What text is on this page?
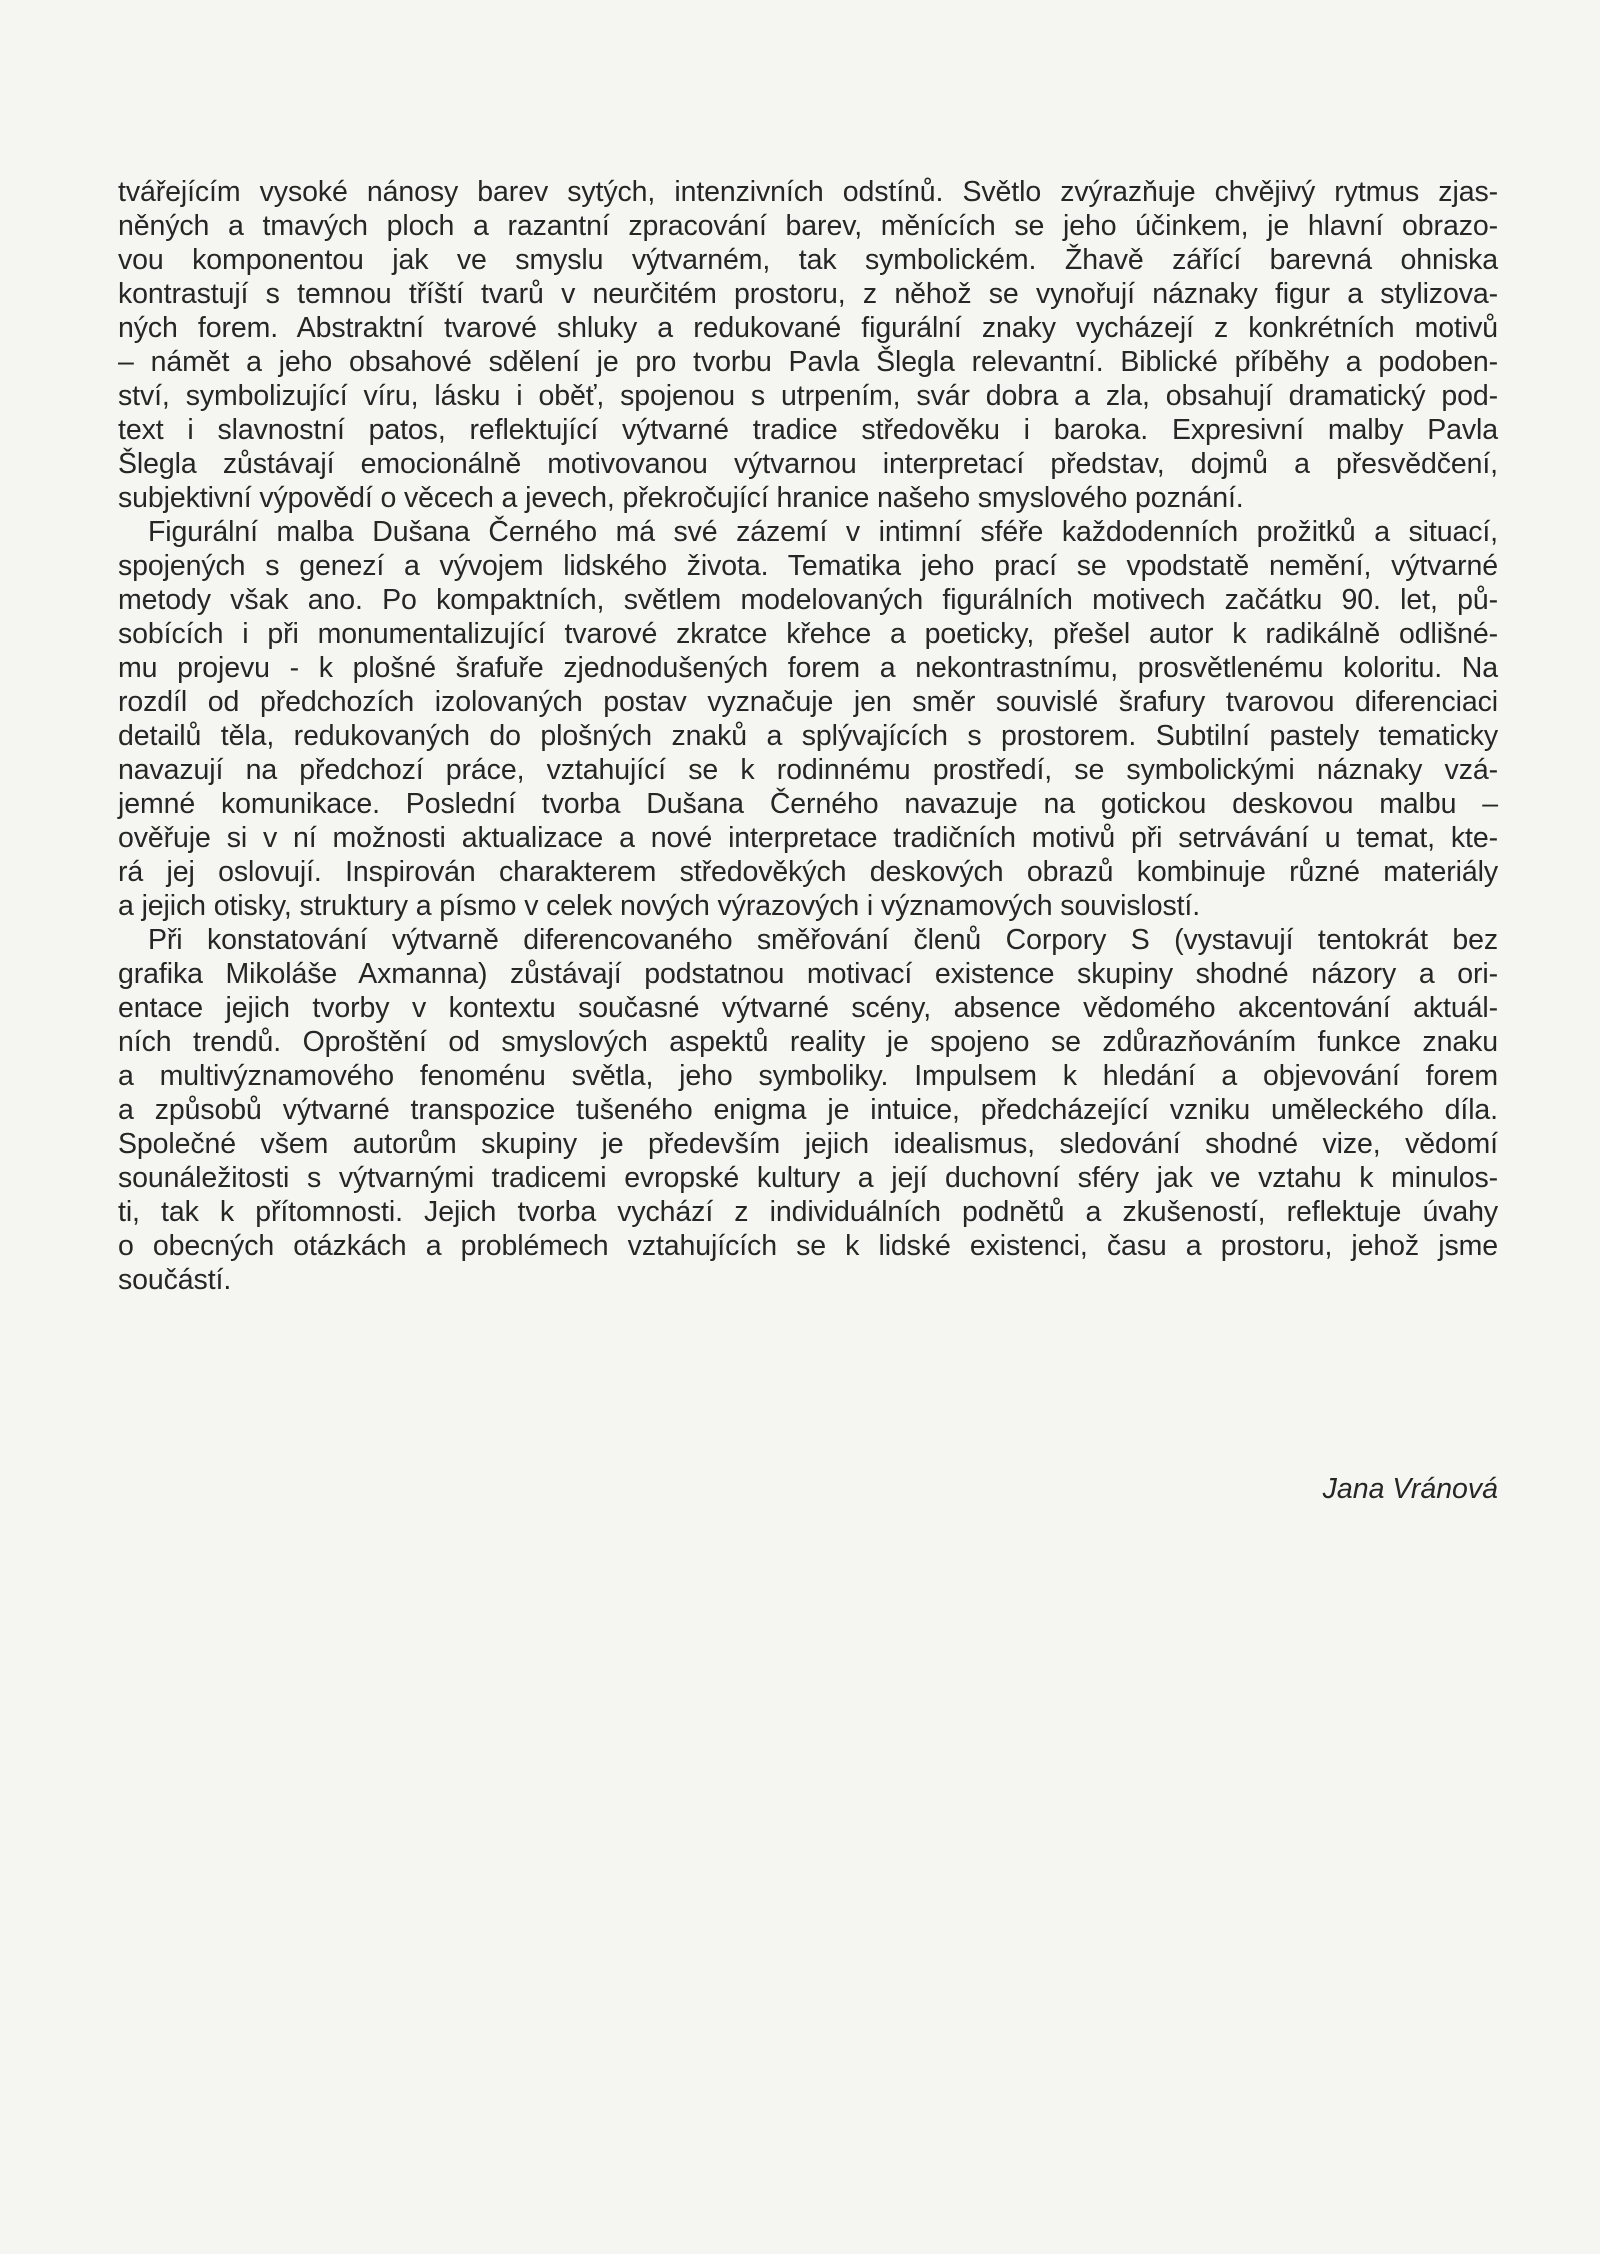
tvářejícím vysoké nánosy barev sytých, intenzivních odstínů. Světlo zvýrazňuje chvějivý rytmus zjas-
něných a tmavých ploch a razantní zpracování barev, měnících se jeho účinkem, je hlavní obrazo-
vou komponentou jak ve smyslu výtvarném, tak symbolickém. Žhavě zářící barevná ohniska
kontrastují s temnou tříští tvarů v neurčitém prostoru, z něhož se vynořují náznaky figur a stylizova-
ných forem. Abstraktní tvarové shluky a redukované figurální znaky vycházejí z konkrétních motivů
– námět a jeho obsahové sdělení je pro tvorbu Pavla Šlegla relevantní. Biblické příběhy a podoben-
ství, symbolizující víru, lásku i oběť, spojenou s utrpením, svár dobra a zla, obsahují dramatický pod-
text i slavnostní patos, reflektující výtvarné tradice středověku i baroka. Expresivní malby Pavla
Šlegla zůstávají emocionálně motivovanou výtvarnou interpretací představ, dojmů a přesvědčení,
subjektivní výpovědí o věcech a jevech, překročující hranice našeho smyslového poznání.
Figurální malba Dušana Černého má své zázemí v intimní sféře každodenních prožitků a situací,
spojených s genezí a vývojem lidského života. Tematika jeho prací se vpodstatě nemění, výtvarné
metody však ano. Po kompaktních, světlem modelovaných figurálních motivech začátku 90. let, pů-
sobících i při monumentalizující tvarové zkratce křehce a poeticky, přešel autor k radikálně odlišné-
mu projevu - k plošné šrafuře zjednodušených forem a nekontrastnímu, prosvětlenému koloritu. Na
rozdíl od předchozích izolovaných postav vyznačuje jen směr souvislé šrafury tvarovou diferenciaci
detailů těla, redukovaných do plošných znaků a splývajících s prostorem. Subtilní pastely tematicky
navazují na předchozí práce, vztahující se k rodinnému prostředí, se symbolickými náznaky vzá-
jemné komunikace. Poslední tvorba Dušana Černého navazuje na gotickou deskovou malbu –
ověřuje si v ní možnosti aktualizace a nové interpretace tradičních motivů při setrvávání u temat, kte-
rá jej oslovují. Inspirován charakterem středověkých deskových obrazů kombinuje různé materiály
a jejich otisky, struktury a písmo v celek nových výrazových i významových souvislostí.
Při konstatování výtvarně diferencovaného směřování členů Corpory S (vystavují tentokrát bez
grafika Mikoláše Axmanna) zůstávají podstatnou motivací existence skupiny shodné názory a ori-
entace jejich tvorby v kontextu současné výtvarné scény, absence vědomého akcentování aktuál-
ních trendů. Oproštění od smyslových aspektů reality je spojeno se zdůrazňováním funkce znaku
a multivýznamového fenoménu světla, jeho symboliky. Impulsem k hledání a objevování forem
a způsobů výtvarné transpozice tušeného enigma je intuice, předcházející vzniku uměleckého díla.
Společné všem autorům skupiny je především jejich idealismus, sledování shodné vize, vědomí
sounáležitosti s výtvarnými tradicemi evropské kultury a její duchovní sféry jak ve vztahu k minulos-
ti, tak k přítomnosti. Jejich tvorba vychází z individuálních podnětů a zkušeností, reflektuje úvahy
o obecných otázkách a problémech vztahujících se k lidské existenci, času a prostoru, jehož jsme
součástí.
Jana Vránová
